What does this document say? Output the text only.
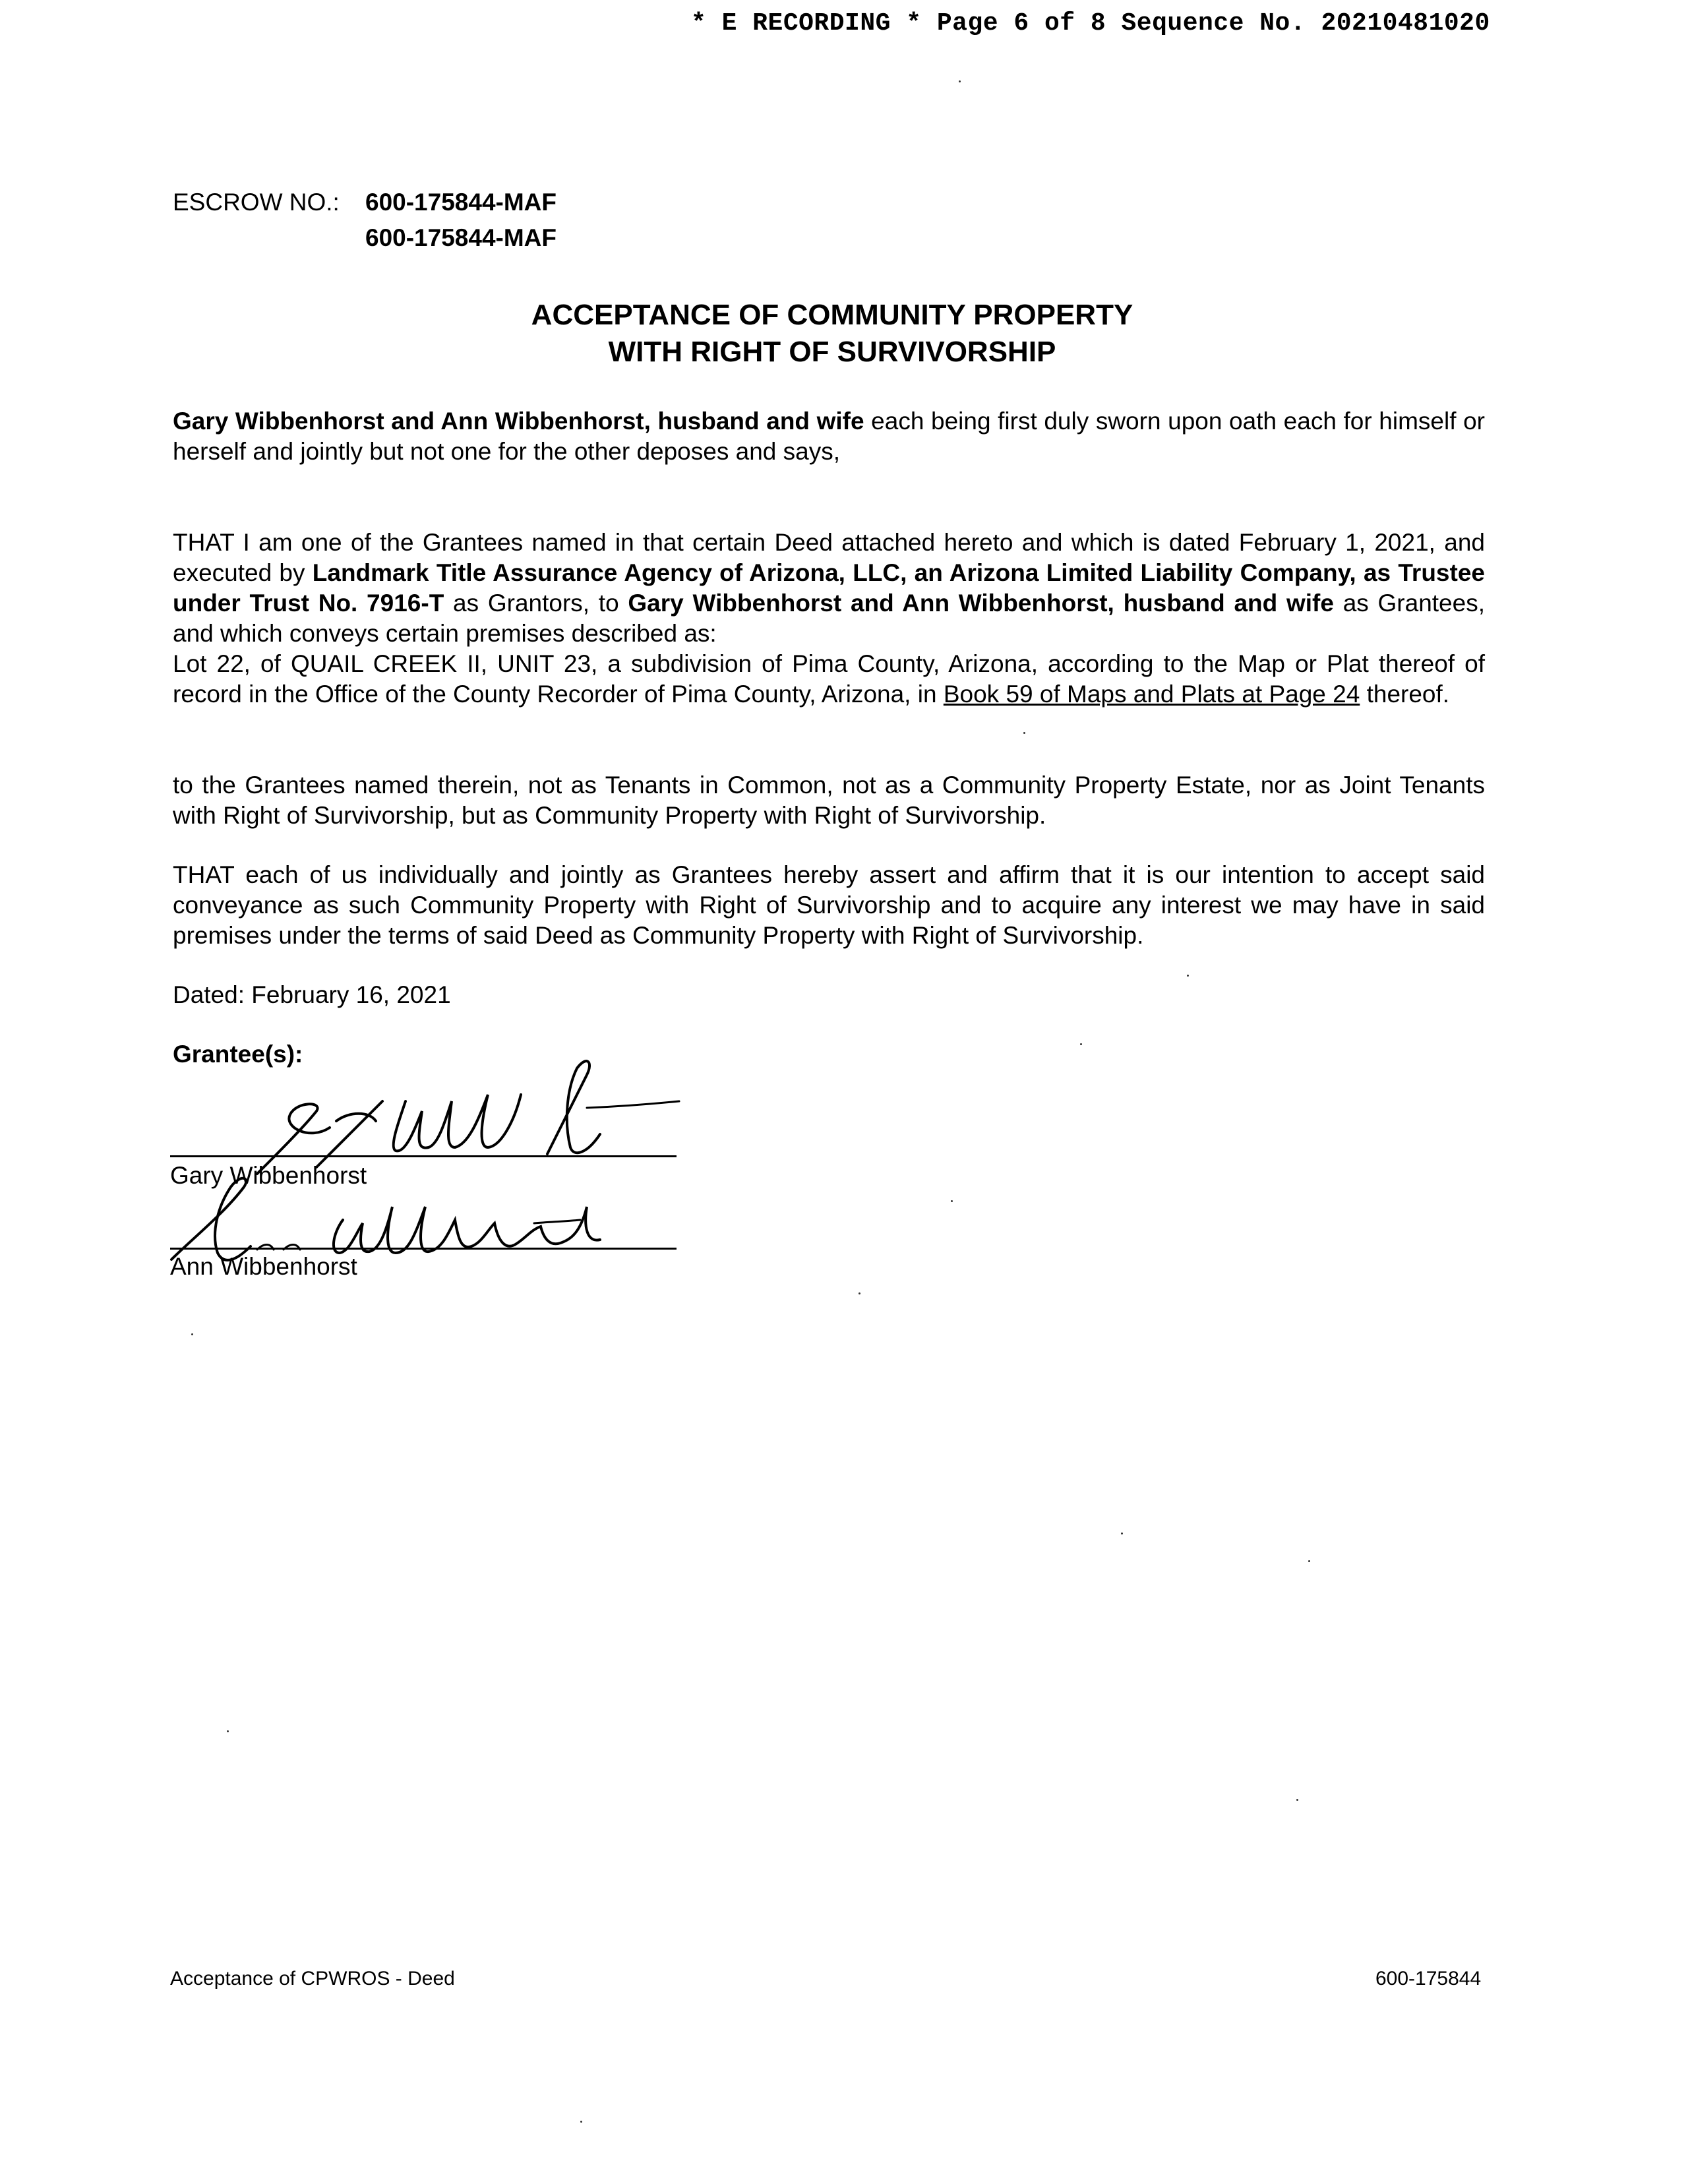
* E RECORDING * Page 6 of 8 Sequence No. 20210481020
ESCROW NO.: 600-175844-MAF
600-175844-MAF
ACCEPTANCE OF COMMUNITY PROPERTY
WITH RIGHT OF SURVIVORSHIP
Gary Wibbenhorst and Ann Wibbenhorst, husband and wife each being first duly sworn upon oath each for himself or herself and jointly but not one for the other deposes and says,
THAT I am one of the Grantees named in that certain Deed attached hereto and which is dated February 1, 2021, and executed by Landmark Title Assurance Agency of Arizona, LLC, an Arizona Limited Liability Company, as Trustee under Trust No. 7916-T as Grantors, to Gary Wibbenhorst and Ann Wibbenhorst, husband and wife as Grantees, and which conveys certain premises described as:
Lot 22, of QUAIL CREEK II, UNIT 23, a subdivision of Pima County, Arizona, according to the Map or Plat thereof of record in the Office of the County Recorder of Pima County, Arizona, in Book 59 of Maps and Plats at Page 24 thereof.
to the Grantees named therein, not as Tenants in Common, not as a Community Property Estate, nor as Joint Tenants with Right of Survivorship, but as Community Property with Right of Survivorship.
THAT each of us individually and jointly as Grantees hereby assert and affirm that it is our intention to accept said conveyance as such Community Property with Right of Survivorship and to acquire any interest we may have in said premises under the terms of said Deed as Community Property with Right of Survivorship.
Dated: February 16, 2021
Grantee(s):
Gary Wibbenhorst
Ann Wibbenhorst
Acceptance of CPWROS - Deed	600-175844
